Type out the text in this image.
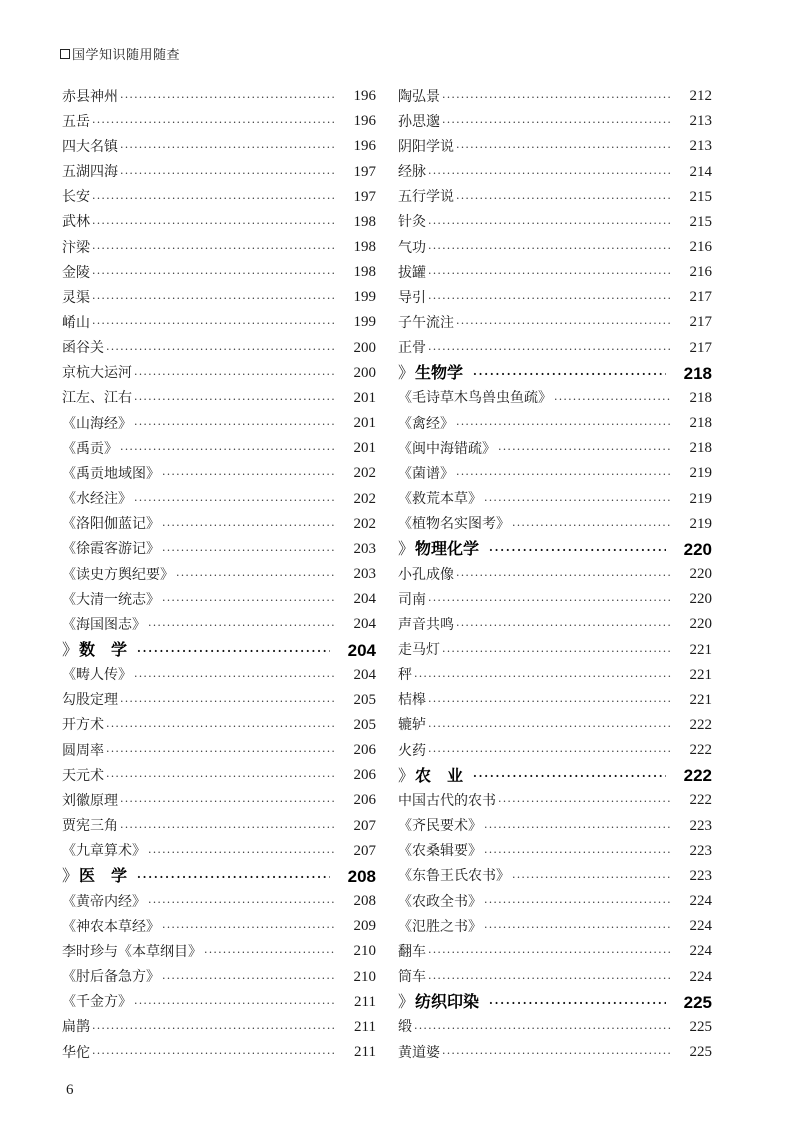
国学知识随用随查
赤县神州 ·····	196
五岳 ·····	196
四大名镇 ·····	196
五湖四海 ·····	197
长安 ·····	197
武林 ·····	198
汴梁 ·····	198
金陵 ·····	198
灵渠 ·····	199
崤山 ·····	199
函谷关 ·····	200
京杭大运河 ·····	200
江左、江右 ·····	201
《山海经》 ·····	201
《禹贡》 ·····	201
《禹贡地域图》 ·····	202
《水经注》 ·····	202
《洛阳伽蓝记》 ·····	202
《徐霞客游记》 ·····	203
《读史方舆纪要》 ·····	203
《大清一统志》 ·····	204
《海国图志》 ·····	204
》数　学 ·····	204
《畴人传》 ·····	204
勾股定理 ·····	205
开方术 ·····	205
圆周率 ·····	206
天元术 ·····	206
刘徽原理 ·····	206
贾宪三角 ·····	207
《九章算术》 ·····	207
》医　学 ·····	208
《黄帝内经》 ·····	208
《神农本草经》 ·····	209
李时珍与《本草纲目》 ·····	210
《肘后备急方》 ·····	210
《千金方》 ·····	211
扁鹊 ·····	211
华佗 ·····	211
陶弘景 ·····	212
孙思邈 ·····	213
阴阳学说 ·····	213
经脉 ·····	214
五行学说 ·····	215
针灸 ·····	215
气功 ·····	216
拔罐 ·····	216
导引 ·····	217
子午流注 ·····	217
正骨 ·····	217
》生物学 ·····	218
《毛诗草木鸟兽虫鱼疏》 ·····	218
《禽经》 ·····	218
《闽中海错疏》 ·····	218
《菌谱》 ·····	219
《救荒本草》 ·····	219
《植物名实图考》 ·····	219
》物理化学 ·····	220
小孔成像 ·····	220
司南 ·····	220
声音共鸣 ·····	220
走马灯 ·····	221
秤 ·····	221
桔槔 ·····	221
辘轳 ·····	222
火药 ·····	222
》农　业 ·····	222
中国古代的农书 ·····	222
《齐民要术》 ·····	223
《农桑辑要》 ·····	223
《东鲁王氏农书》 ·····	223
《农政全书》 ·····	224
《氾胜之书》 ·····	224
翻车 ·····	224
筒车 ·····	224
》纺织印染 ·····	225
缎 ·····	225
黄道婆 ·····	225
6
